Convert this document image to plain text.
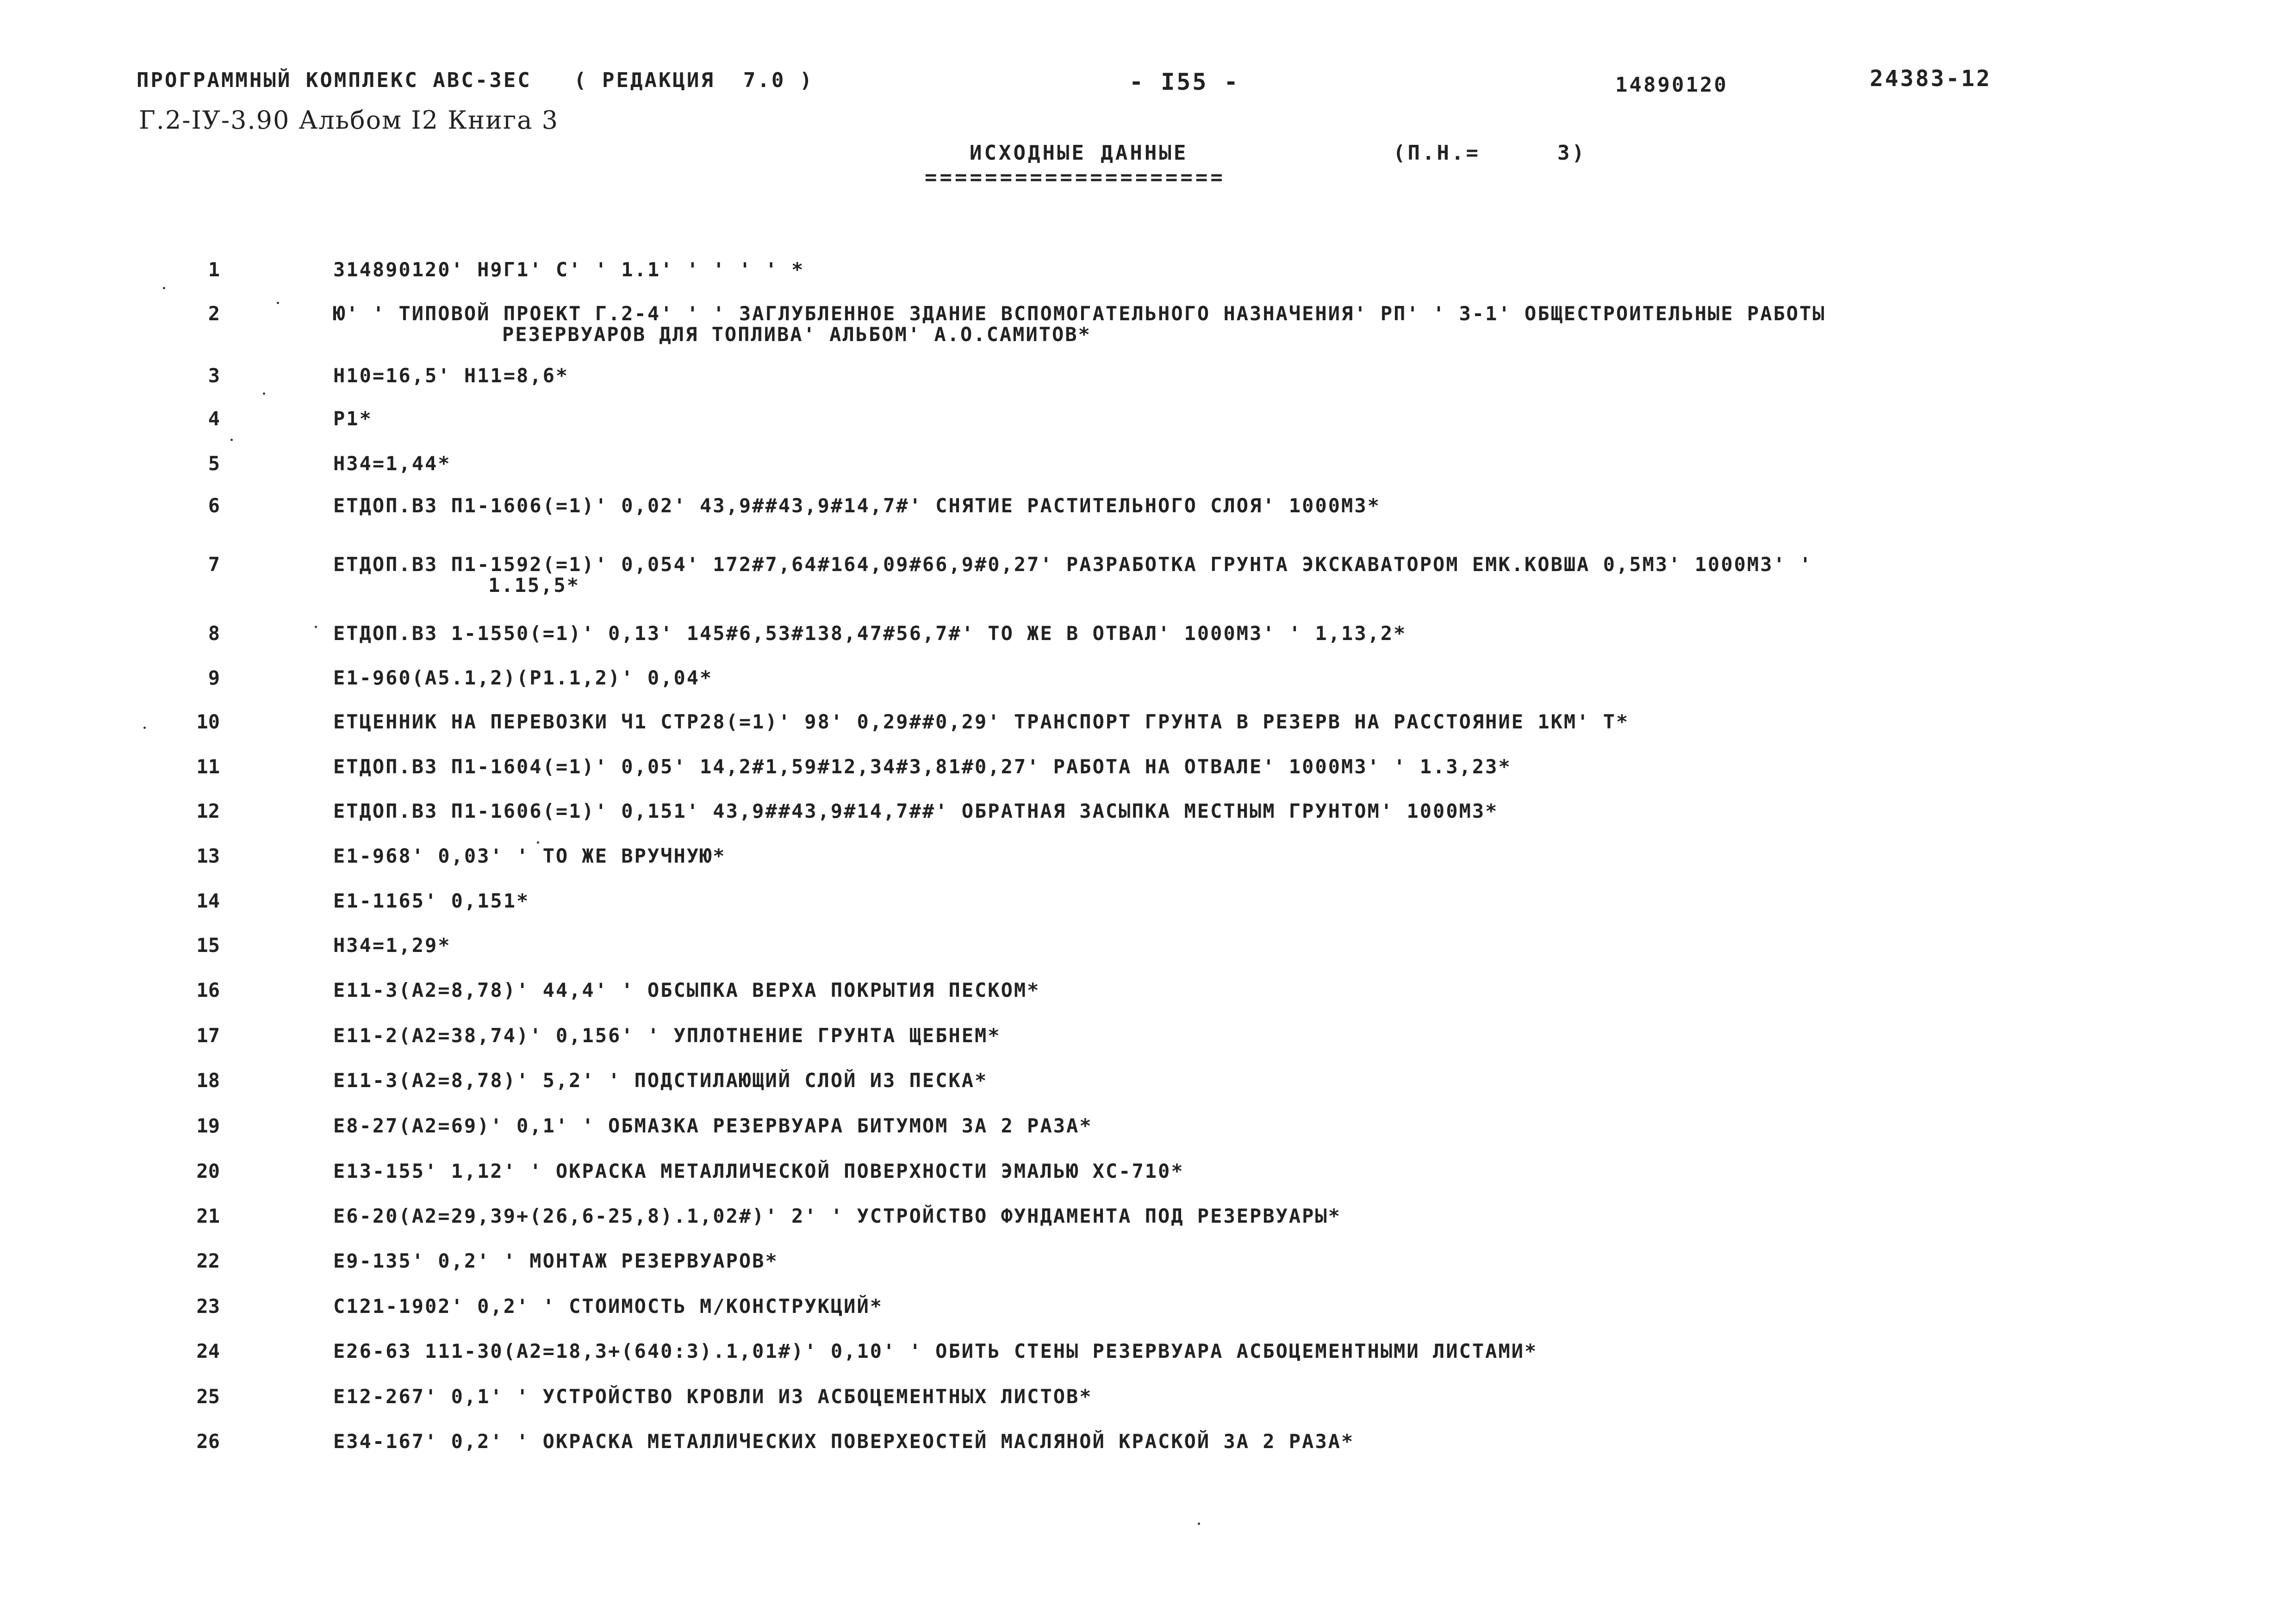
ПРОГРАММНЫЙ КОМПЛЕКС АВС-3ЕС ( РЕДАКЦИЯ  7.0 )	- I55 -	14890120	24383-12
Г.2-IУ-3.90 Альбом I2 Книга 3
ИСХОДНЫЕ ДАННЫЕ
====================
(П.Н.=	3)
1	314890120' Н9Г1' С' ' 1.1' ' ' ' ' *
2	Ю' ' ТИПОВОЙ ПРОЕКТ Г.2-4' ' ' ЗАГЛУБЛЕННОЕ ЗДАНИЕ ВСПОМОГАТЕЛЬНОГО НАЗНАЧЕНИЯ' РП' ' 3-1' ОБЩЕСТРОИТЕЛЬНЫЕ РАБОТЫ
РЕЗЕРВУАРОВ ДЛЯ ТОПЛИВА' АЛЬБОМ' А.О.САМИТОВ*
3	Н10=16,5' Н11=8,6*
4	Р1*
5	Н34=1,44*
6	ЕТДОП.В3 П1-1606(=1)' 0,02' 43,9##43,9#14,7#' СНЯТИЕ РАСТИТЕЛЬНОГО СЛОЯ' 1000М3*
7	ЕТДОП.В3 П1-1592(=1)' 0,054' 172#7,64#164,09#66,9#0,27' РАЗРАБОТКА ГРУНТА ЭКСКАВАТОРОМ ЕМК.КОВША 0,5М3' 1000М3' '
1.15,5*
8	ЕТДОП.В3 1-1550(=1)' 0,13' 145#6,53#138,47#56,7#' ТО ЖЕ В ОТВАЛ' 1000М3' ' 1,13,2*
9	Е1-960(А5.1,2)(Р1.1,2)' 0,04*
10	ЕТЦЕННИК НА ПЕРЕВОЗКИ Ч1 СТР28(=1)' 98' 0,29##0,29' ТРАНСПОРТ ГРУНТА В РЕЗЕРВ НА РАССТОЯНИЕ 1КМ' Т*
11	ЕТДОП.В3 П1-1604(=1)' 0,05' 14,2#1,59#12,34#3,81#0,27' РАБОТА НА ОТВАЛЕ' 1000М3' ' 1.3,23*
12	ЕТДОП.В3 П1-1606(=1)' 0,151' 43,9##43,9#14,7##' ОБРАТНАЯ ЗАСЫПКА МЕСТНЫМ ГРУНТОМ' 1000М3*
13	Е1-968' 0,03' ' ТО ЖЕ ВРУЧНУЮ*
14	Е1-1165' 0,151*
15	Н34=1,29*
16	Е11-3(А2=8,78)' 44,4' ' ОБСЫПКА ВЕРХА ПОКРЫТИЯ ПЕСКОМ*
17	Е11-2(А2=38,74)' 0,156' ' УПЛОТНЕНИЕ ГРУНТА ЩЕБНЕМ*
18	Е11-3(А2=8,78)' 5,2' ' ПОДСТИЛАЮЩИЙ СЛОЙ ИЗ ПЕСКА*
19	Е8-27(А2=69)' 0,1' ' ОБМАЗКА РЕЗЕРВУАРА БИТУМОМ ЗА 2 РАЗА*
20	Е13-155' 1,12' ' ОКРАСКА МЕТАЛЛИЧЕСКОЙ ПОВЕРХНОСТИ ЭМАЛЬЮ ХС-710*
21	Е6-20(А2=29,39+(26,6-25,8).1,02#)' 2' ' УСТРОЙСТВО ФУНДАМЕНТА ПОД РЕЗЕРВУАРЫ*
22	Е9-135' 0,2' ' МОНТАЖ РЕЗЕРВУАРОВ*
23	С121-1902' 0,2' ' СТОИМОСТЬ М/КОНСТРУКЦИЙ*
24	Е26-63 111-30(А2=18,3+(640:3).1,01#)' 0,10' ' ОБИТЬ СТЕНЫ РЕЗЕРВУАРА АСБОЦЕМЕНТНЫМИ ЛИСТАМИ*
25	Е12-267' 0,1' ' УСТРОЙСТВО КРОВЛИ ИЗ АСБОЦЕМЕНТНЫХ ЛИСТОВ*
26	Е34-167' 0,2' ' ОКРАСКА МЕТАЛЛИЧЕСКИХ ПОВЕРХЕОСТЕЙ МАСЛЯНОЙ КРАСКОЙ ЗА 2 РАЗА*
